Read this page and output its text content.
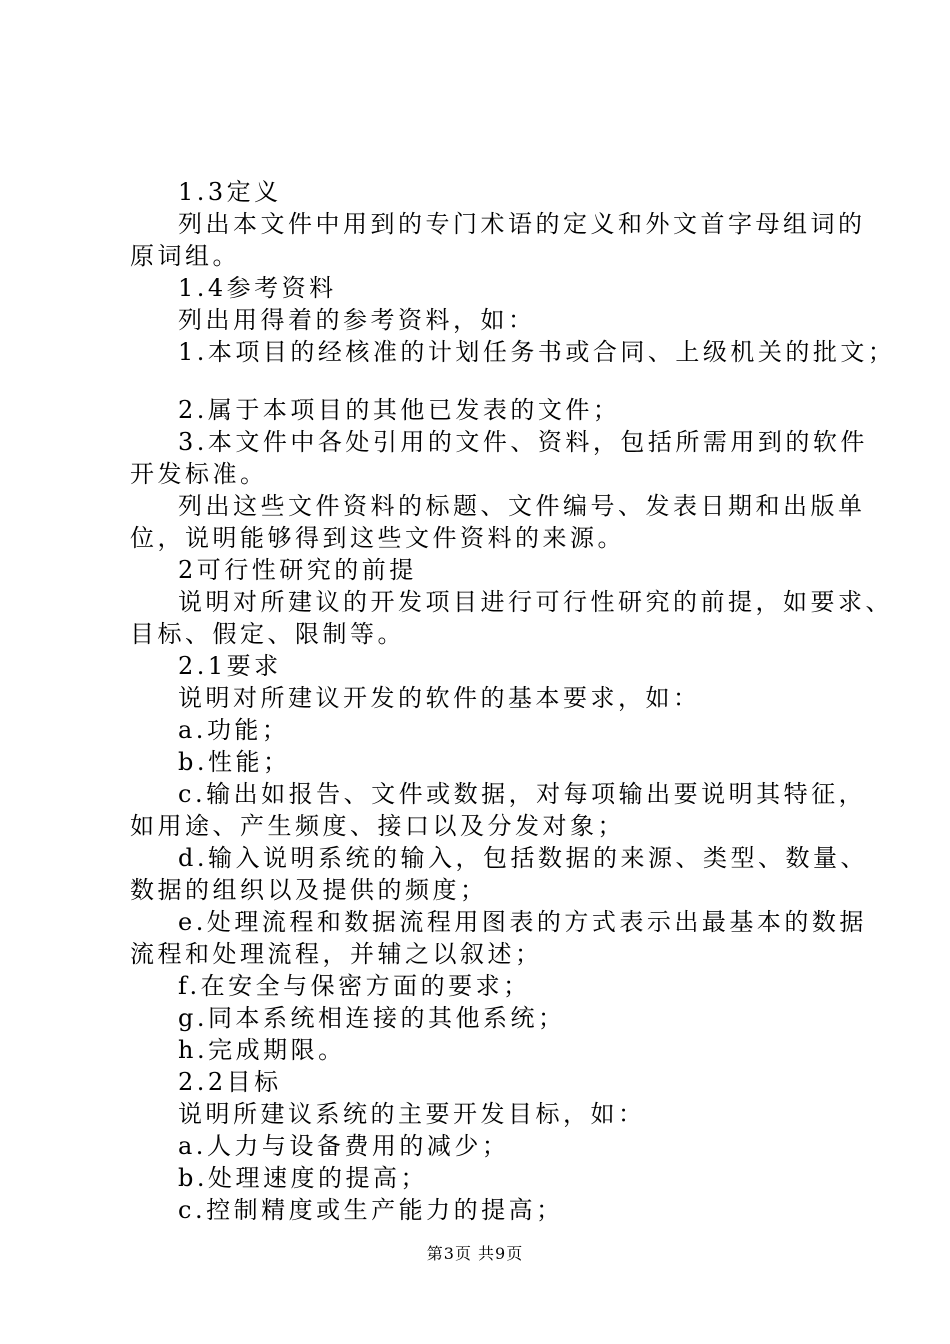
1.3定义
列出本文件中用到的专门术语的定义和外文首字母组词的
原词组。
1.4参考资料
列出用得着的参考资料，如：
1.本项目的经核准的计划任务书或合同、上级机关的批文；
2.属于本项目的其他已发表的文件；
3.本文件中各处引用的文件、资料，包括所需用到的软件
开发标准。
列出这些文件资料的标题、文件编号、发表日期和出版单
位，说明能够得到这些文件资料的来源。
2可行性研究的前提
说明对所建议的开发项目进行可行性研究的前提，如要求、
目标、假定、限制等。
2.1要求
说明对所建议开发的软件的基本要求，如：
a.功能；
b.性能；
c.输出如报告、文件或数据，对每项输出要说明其特征，
如用途、产生频度、接口以及分发对象；
d.输入说明系统的输入，包括数据的来源、类型、数量、
数据的组织以及提供的频度；
e.处理流程和数据流程用图表的方式表示出最基本的数据
流程和处理流程，并辅之以叙述；
f.在安全与保密方面的要求；
g.同本系统相连接的其他系统；
h.完成期限。
2.2目标
说明所建议系统的主要开发目标，如：
a.人力与设备费用的减少；
b.处理速度的提高；
c.控制精度或生产能力的提高；
第3页 共9页
